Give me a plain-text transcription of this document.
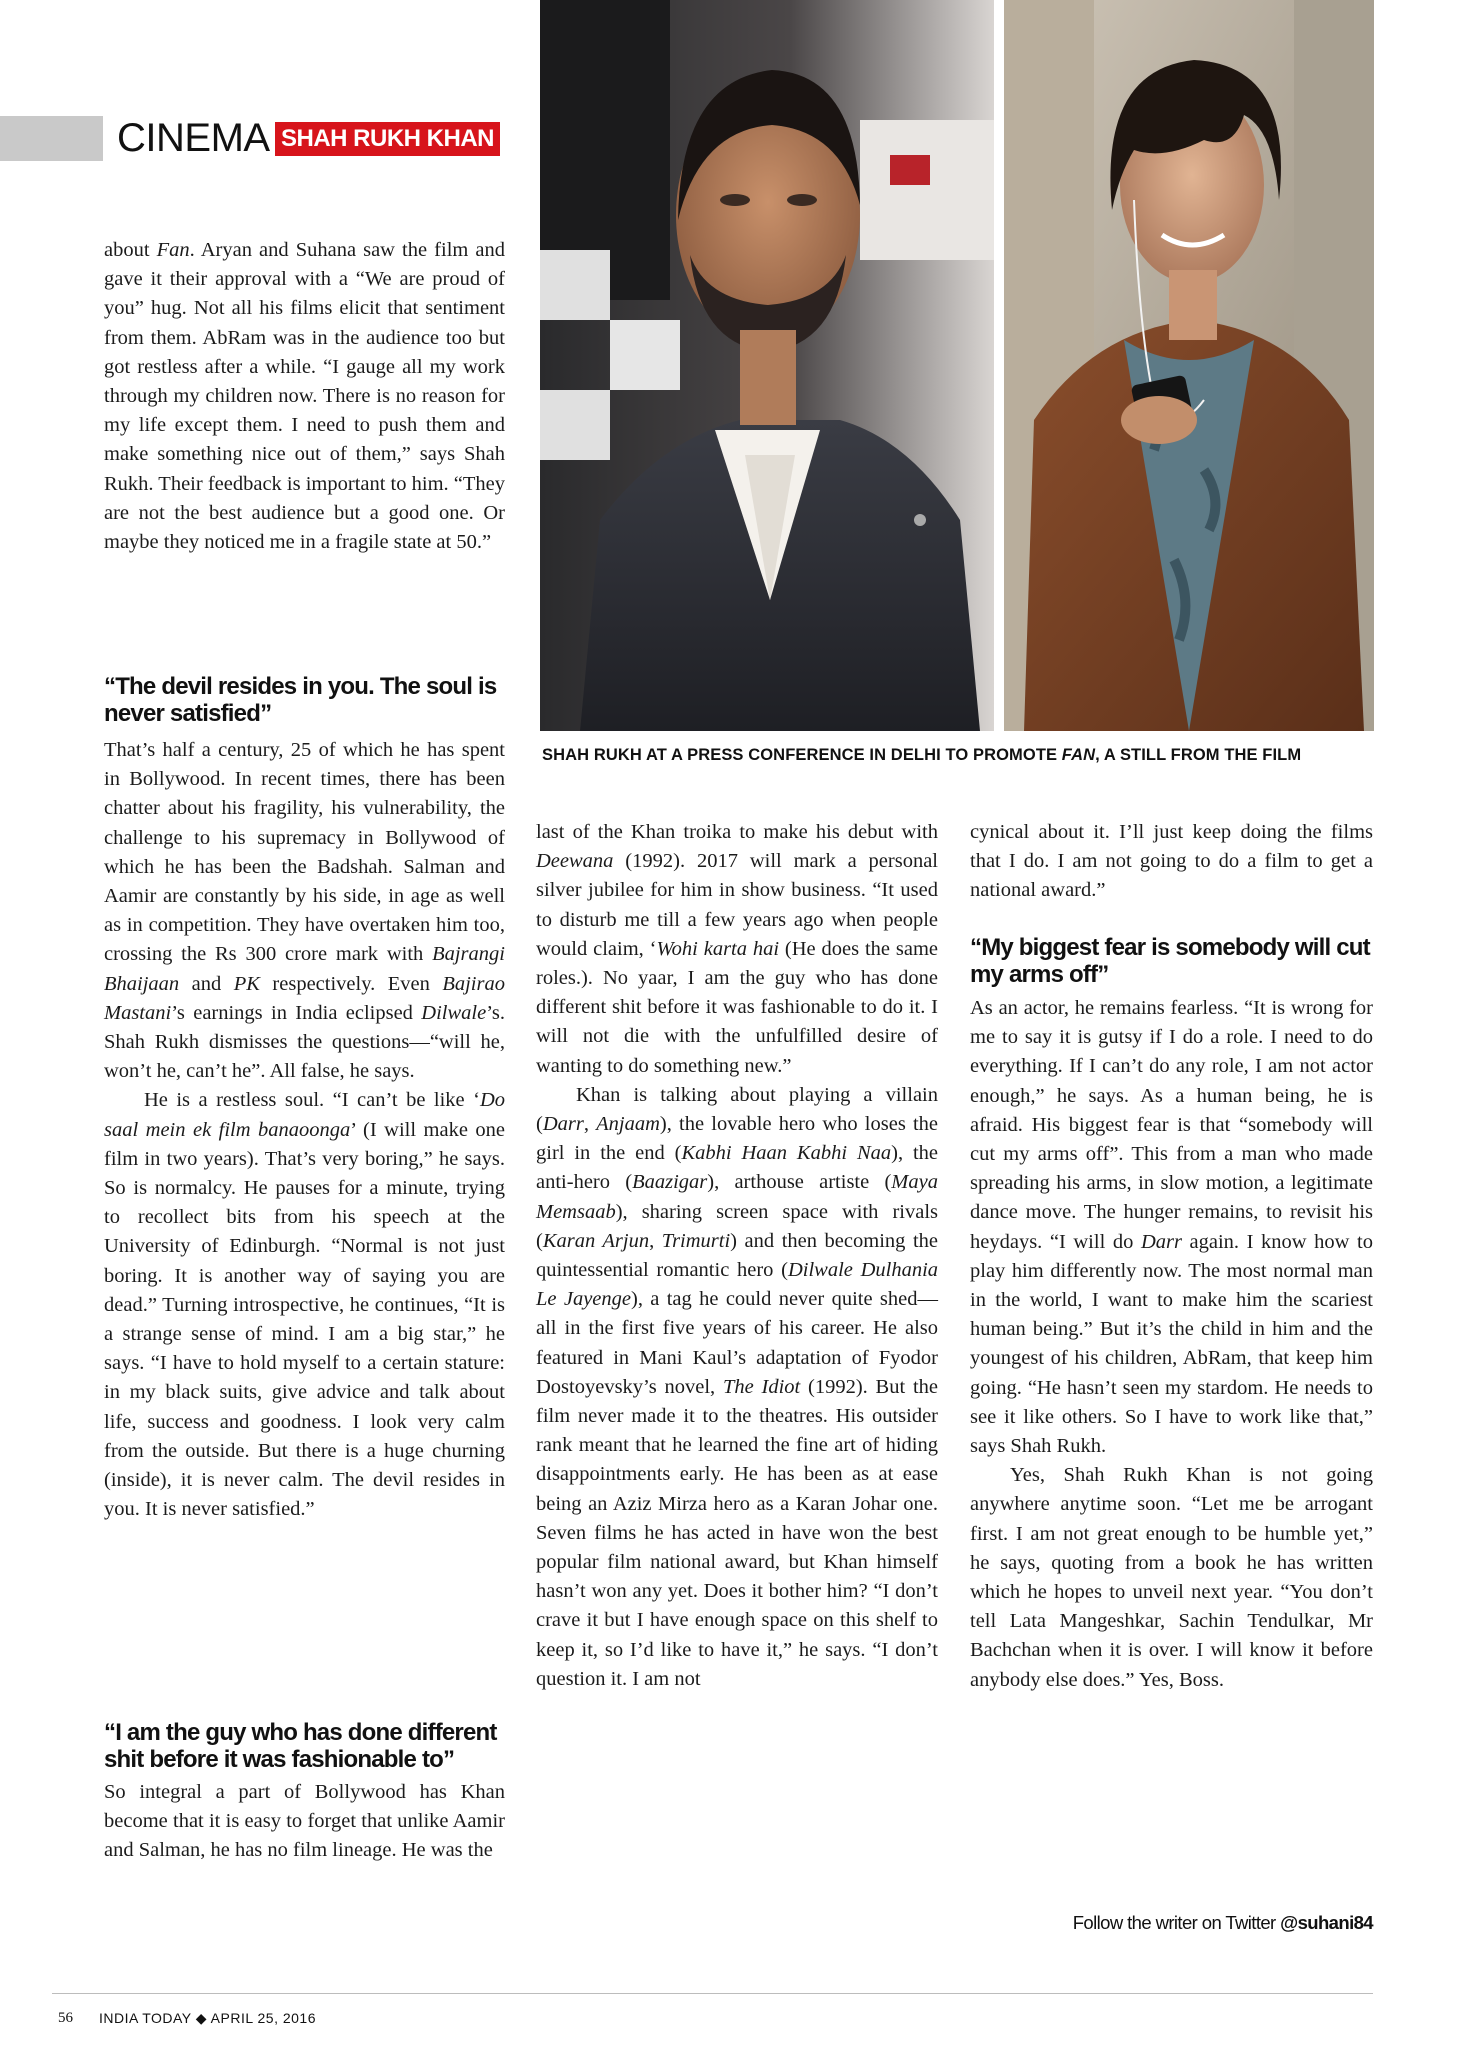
CINEMA SHAH RUKH KHAN
SHAH RUKH AT A PRESS CONFERENCE IN DELHI TO PROMOTE FAN, A STILL FROM THE FILM

about Fan. Aryan and Suhana saw the film and gave it their approval with a “We are proud of you” hug. Not all his films elicit that sentiment from them. AbRam was in the audience too but got restless after a while. “I gauge all my work through my children now. There is no reason for my life except them. I need to push them and make something nice out of them,” says Shah Rukh. Their feedback is important to him. “They are not the best audience but a good one. Or maybe they noticed me in a fragile state at 50.”

“The devil resides in you. The soul is never satisfied”

That’s half a century, 25 of which he has spent in Bollywood. In recent times, there has been chatter about his fragility, his vulnerability, the challenge to his supremacy in Bollywood of which he has been the Badshah. Salman and Aamir are constantly by his side, in age as well as in competition. They have overtaken him too, crossing the Rs 300 crore mark with Bajrangi Bhaijaan and PK respectively. Even Bajirao Mastani’s earnings in India eclipsed Dilwale’s. Shah Rukh dismisses the questions—“will he, won’t he, can’t he”. All false, he says.

He is a restless soul. “I can’t be like ‘Do saal mein ek film banaoonga’ (I will make one film in two years). That’s very boring,” he says. So is normalcy. He pauses for a minute, trying to recollect bits from his speech at the University of Edinburgh. “Normal is not just boring. It is another way of saying you are dead.” Turning introspective, he continues, “It is a strange sense of mind. I am a big star,” he says. “I have to hold myself to a certain stature: in my black suits, give advice and talk about life, success and goodness. I look very calm from the outside. But there is a huge churning (inside), it is never calm. The devil resides in you. It is never satisfied.”

“I am the guy who has done different shit before it was fashionable to”

So integral a part of Bollywood has Khan become that it is easy to forget that unlike Aamir and Salman, he has no film lineage. He was the

last of the Khan troika to make his debut with Deewana (1992). 2017 will mark a personal silver jubilee for him in show business. “It used to disturb me till a few years ago when people would claim, ‘Wohi karta hai (He does the same roles.). No yaar, I am the guy who has done different shit before it was fashionable to do it. I will not die with the unfulfilled desire of wanting to do something new.”

Khan is talking about playing a villain (Darr, Anjaam), the lovable hero who loses the girl in the end (Kabhi Haan Kabhi Naa), the anti-hero (Baazigar), arthouse artiste (Maya Memsaab), sharing screen space with rivals (Karan Arjun, Trimurti) and then becoming the quintessential romantic hero (Dilwale Dulhania Le Jayenge), a tag he could never quite shed—all in the first five years of his career. He also featured in Mani Kaul’s adaptation of Fyodor Dostoyevsky’s novel, The Idiot (1992). But the film never made it to the theatres. His outsider rank meant that he learned the fine art of hiding disappointments early. He has been as at ease being an Aziz Mirza hero as a Karan Johar one. Seven films he has acted in have won the best popular film national award, but Khan himself hasn’t won any yet. Does it bother him? “I don’t crave it but I have enough space on this shelf to keep it, so I’d like to have it,” he says. “I don’t question it. I am not

cynical about it. I’ll just keep doing the films that I do. I am not going to do a film to get a national award.”

“My biggest fear is somebody will cut my arms off”

As an actor, he remains fearless. “It is wrong for me to say it is gutsy if I do a role. I need to do everything. If I can’t do any role, I am not actor enough,” he says. As a human being, he is afraid. His biggest fear is that “somebody will cut my arms off”. This from a man who made spreading his arms, in slow motion, a legitimate dance move. The hunger remains, to revisit his heydays. “I will do Darr again. I know how to play him differently now. The most normal man in the world, I want to make him the scariest human being.” But it’s the child in him and the youngest of his children, AbRam, that keep him going. “He hasn’t seen my stardom. He needs to see it like others. So I have to work like that,” says Shah Rukh.

Yes, Shah Rukh Khan is not going anywhere anytime soon. “Let me be arrogant first. I am not great enough to be humble yet,” he says, quoting from a book he has written which he hopes to unveil next year. “You don’t tell Lata Mangeshkar, Sachin Tendulkar, Mr Bachchan when it is over. I will know it before anybody else does.” Yes, Boss.

Follow the writer on Twitter @suhani84
56 INDIA TODAY ◆ APRIL 25, 2016
